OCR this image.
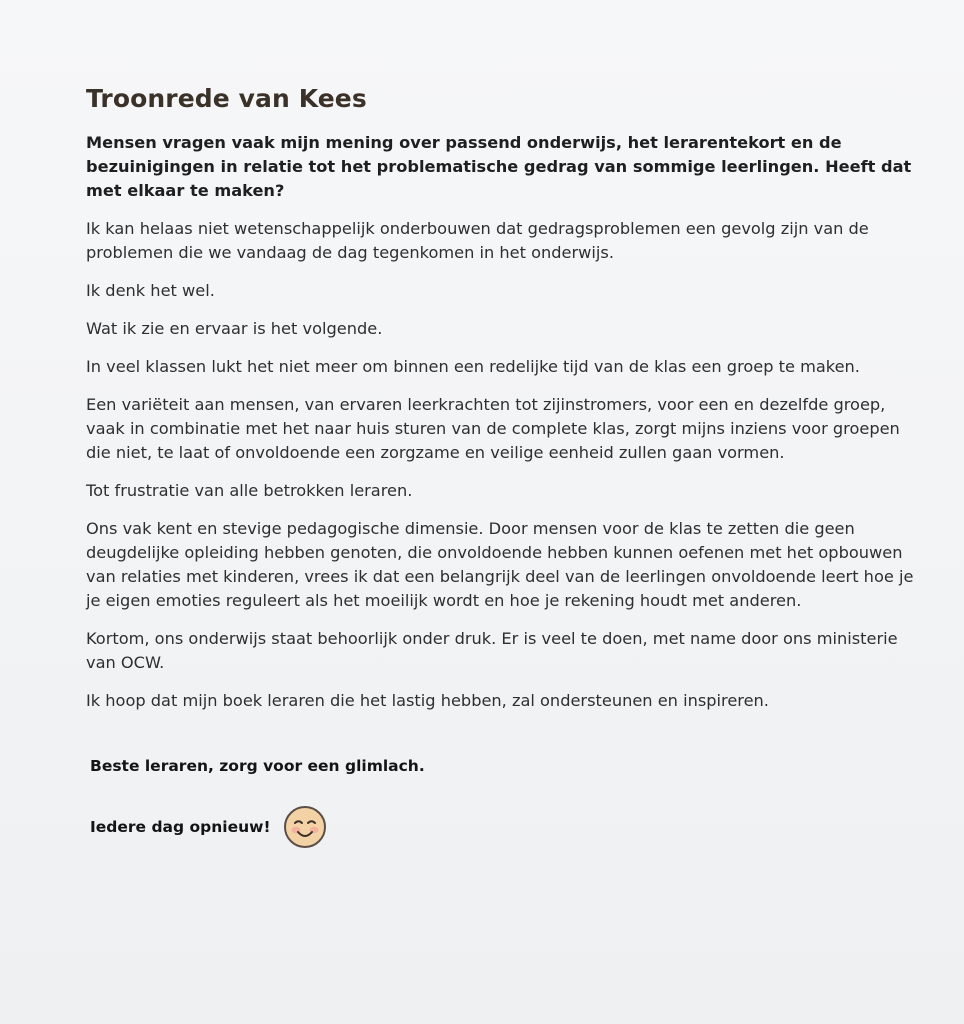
Troonrede van Kees

Mensen vragen vaak mijn mening over passend onderwijs, het lerarentekort en de bezuinigingen in relatie tot het problematische gedrag van sommige leerlingen. Heeft dat met elkaar te maken?

Ik kan helaas niet wetenschappelijk onderbouwen dat gedragsproblemen een gevolg zijn van de problemen die we vandaag de dag tegenkomen in het onderwijs.

Ik denk het wel.

Wat ik zie en ervaar is het volgende.

In veel klassen lukt het niet meer om binnen een redelijke tijd van de klas een groep te maken.

Een variëteit aan mensen, van ervaren leerkrachten tot zijinstromers, voor een en dezelfde groep, vaak in combinatie met het naar huis sturen van de complete klas, zorgt mijns inziens voor groepen die niet, te laat of onvoldoende een zorgzame en veilige eenheid zullen gaan vormen.

Tot frustratie van alle betrokken leraren.

Ons vak kent en stevige pedagogische dimensie. Door mensen voor de klas te zetten die geen deugdelijke opleiding hebben genoten, die onvoldoende hebben kunnen oefenen met het opbouwen van relaties met kinderen, vrees ik dat een belangrijk deel van de leerlingen onvoldoende leert hoe je je eigen emoties reguleert als het moeilijk wordt en hoe je rekening houdt met anderen.

Kortom, ons onderwijs staat behoorlijk onder druk. Er is veel te doen, met name door ons ministerie van OCW.

Ik hoop dat mijn boek leraren die het lastig hebben, zal ondersteunen en inspireren.

Beste leraren, zorg voor een glimlach.
Iedere dag opnieuw!
